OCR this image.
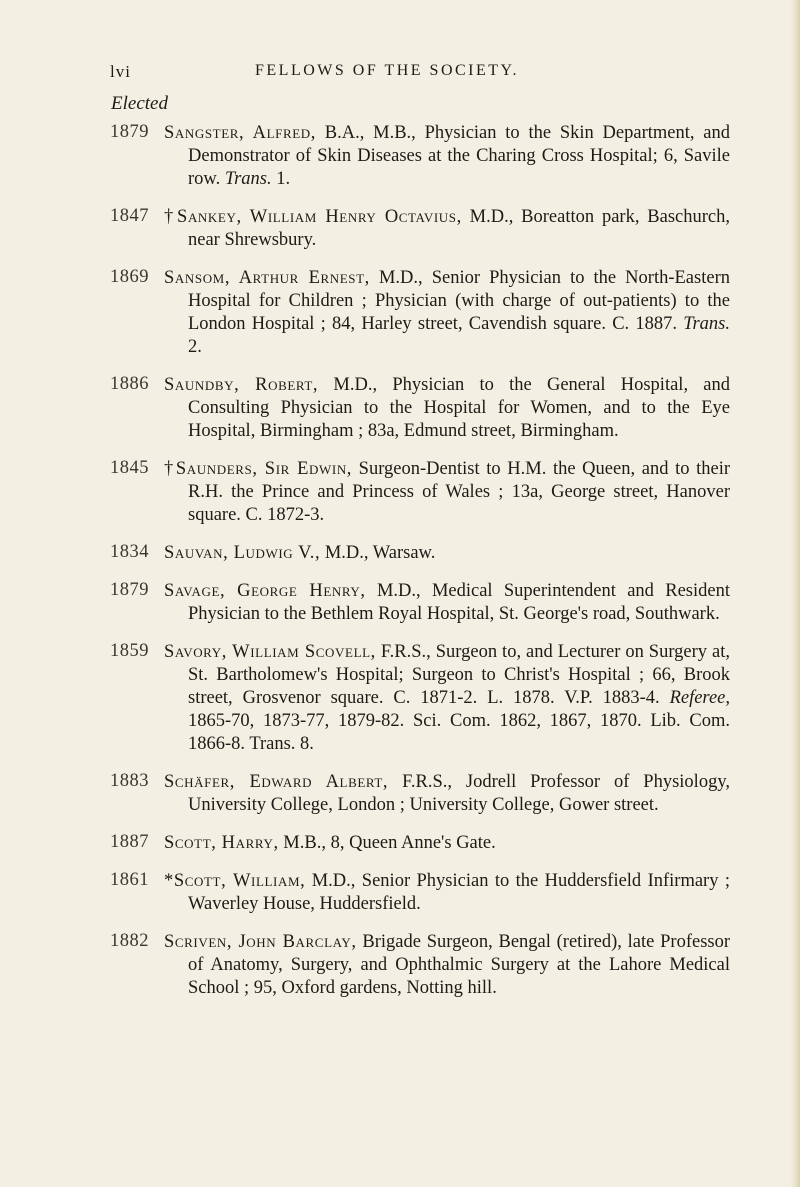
lvi	FELLOWS OF THE SOCIETY.
Elected
1879 Sangster, Alfred, B.A., M.B., Physician to the Skin Department, and Demonstrator of Skin Diseases at the Charing Cross Hospital; 6, Savile row. Trans. 1.
1847 †Sankey, William Henry Octavius, M.D., Boreatton park, Baschurch, near Shrewsbury.
1869 Sansom, Arthur Ernest, M.D., Senior Physician to the North-Eastern Hospital for Children ; Physician (with charge of out-patients) to the London Hospital ; 84, Harley street, Cavendish square. C. 1887. Trans. 2.
1886 Saundby, Robert, M.D., Physician to the General Hospital, and Consulting Physician to the Hospital for Women, and to the Eye Hospital, Birmingham ; 83a, Edmund street, Birmingham.
1845 †Saunders, Sir Edwin, Surgeon-Dentist to H.M. the Queen, and to their R.H. the Prince and Princess of Wales ; 13a, George street, Hanover square. C. 1872-3.
1834 Sauvan, Ludwig V., M.D., Warsaw.
1879 Savage, George Henry, M.D., Medical Superintendent and Resident Physician to the Bethlem Royal Hospital, St. George's road, Southwark.
1859 Savory, William Scovell, F.R.S., Surgeon to, and Lecturer on Surgery at, St. Bartholomew's Hospital; Surgeon to Christ's Hospital ; 66, Brook street, Grosvenor square. C. 1871-2. L. 1878. V.P. 1883-4. Referee, 1865-70, 1873-77, 1879-82. Sci. Com. 1862, 1867, 1870. Lib. Com. 1866-8. Trans. 8.
1883 Schäfer, Edward Albert, F.R.S., Jodrell Professor of Physiology, University College, London ; University College, Gower street.
1887 Scott, Harry, M.B., 8, Queen Anne's Gate.
1861 *Scott, William, M.D., Senior Physician to the Huddersfield Infirmary ; Waverley House, Huddersfield.
1882 Scriven, John Barclay, Brigade Surgeon, Bengal (retired), late Professor of Anatomy, Surgery, and Ophthalmic Surgery at the Lahore Medical School ; 95, Oxford gardens, Notting hill.
